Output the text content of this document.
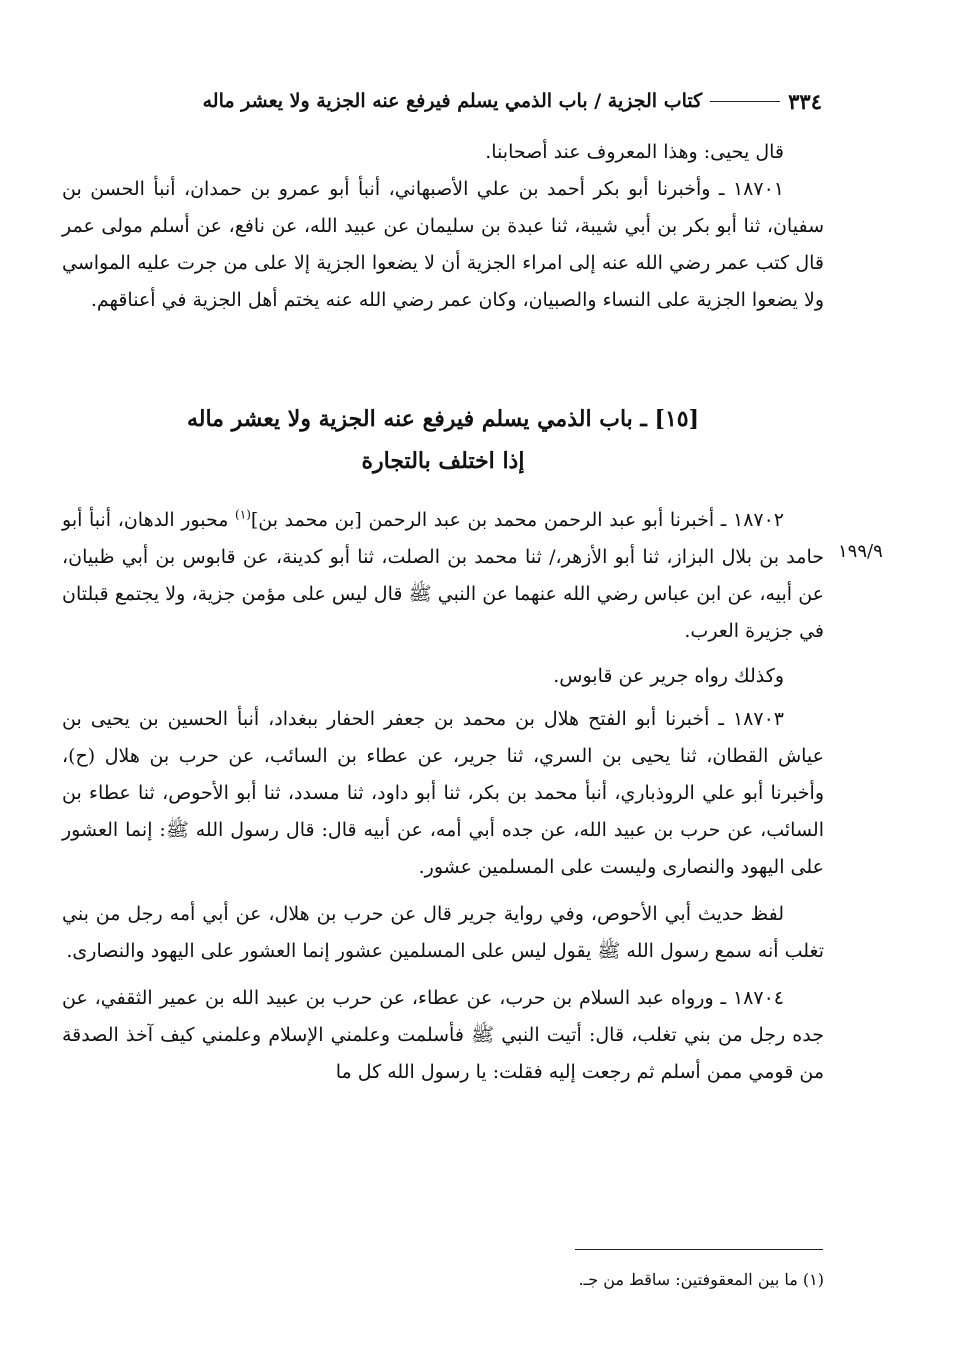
٣٣٤
كتاب الجزية / باب الذمي يسلم فيرفع عنه الجزية ولا يعشر ماله

قال يحيى: وهذا المعروف عند أصحابنا.

١٨٧٠١ ـ وأخبرنا أبو بكر أحمد بن علي الأصبهاني، أنبأ أبو عمرو بن حمدان، أنبأ الحسن بن سفيان، ثنا أبو بكر بن أبي شيبة، ثنا عبدة بن سليمان عن عبيد الله، عن نافع، عن أسلم مولى عمر قال كتب عمر رضي الله عنه إلى امراء الجزية أن لا يضعوا الجزية إلا على من جرت عليه المواسي ولا يضعوا الجزية على النساء والصبيان، وكان عمر رضي الله عنه يختم أهل الجزية في أعناقهم.

[١٥] ـ باب الذمي يسلم فيرفع عنه الجزية ولا يعشر ماله
إذا اختلف بالتجارة
١٩٩/٩

١٨٧٠٢ ـ أخبرنا أبو عبد الرحمن محمد بن عبد الرحمن [بن محمد بن]$^{(١)}$ محبور الدهان، أنبأ أبو حامد بن بلال البزاز، ثنا أبو الأزهر،/ ثنا محمد بن الصلت، ثنا أبو كدينة، عن قابوس بن أبي ظبيان، عن أبيه، عن ابن عباس رضي الله عنهما عن النبي ﷺ قال ليس على مؤمن جزية، ولا يجتمع قبلتان في جزيرة العرب.

وكذلك رواه جرير عن قابوس.

١٨٧٠٣ ـ أخبرنا أبو الفتح هلال بن محمد بن جعفر الحفار ببغداد، أنبأ الحسين بن يحيى بن عياش القطان، ثنا يحيى بن السري، ثنا جرير، عن عطاء بن السائب، عن حرب بن هلال (ح)، وأخبرنا أبو علي الروذباري، أنبأ محمد بن بكر، ثنا أبو داود، ثنا مسدد، ثنا أبو الأحوص، ثنا عطاء بن السائب، عن حرب بن عبيد الله، عن جده أبي أمه، عن أبيه قال: قال رسول الله ﷺ: إنما العشور على اليهود والنصارى وليست على المسلمين عشور.

لفظ حديث أبي الأحوص، وفي رواية جرير قال عن حرب بن هلال، عن أبي أمه رجل من بني تغلب أنه سمع رسول الله ﷺ يقول ليس على المسلمين عشور إنما العشور على اليهود والنصارى.

١٨٧٠٤ ـ ورواه عبد السلام بن حرب، عن عطاء، عن حرب بن عبيد الله بن عمير الثقفي، عن جده رجل من بني تغلب، قال: أتيت النبي ﷺ فأسلمت وعلمني الإسلام وعلمني كيف آخذ الصدقة من قومي ممن أسلم ثم رجعت إليه فقلت: يا رسول الله كل ما

(١) ما بين المعقوفتين: ساقط من جـ.
